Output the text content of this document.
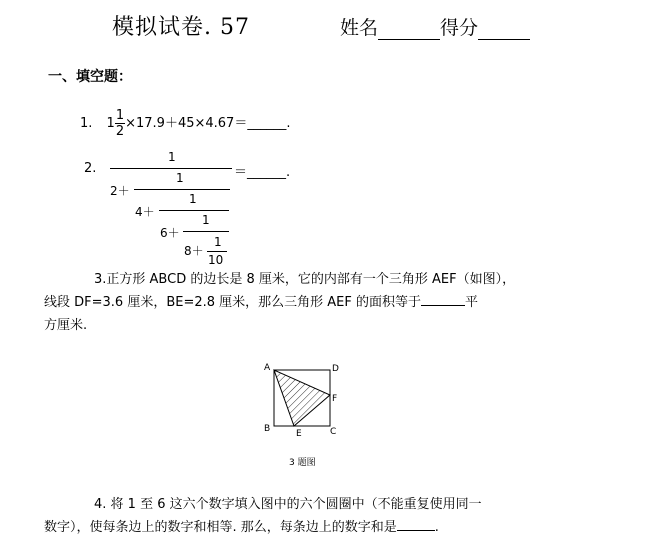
模拟试卷. 57	姓名	得分
一、填空题：
1. $1 \frac{1}{2}$ ×17.9＋45×4.67＝______.
2.
1
＝______.
2＋
1
4＋
1
6＋
1
8＋
1
10
3.正方形 ABCD 的边长是 8 厘米，它的内部有一个三角形 AEF（如图），
线段 DF=3.6 厘米，BE=2.8 厘米，那么三角形 AEF 的面积等于	平
方厘米.
A	D
F
B	E	C
3 题图
4. 将 1 至 6 这六个数字填入图中的六个圆圈中（不能重复使用同一
数字），使每条边上的数字和相等. 那么，每条边上的数字和是	.
